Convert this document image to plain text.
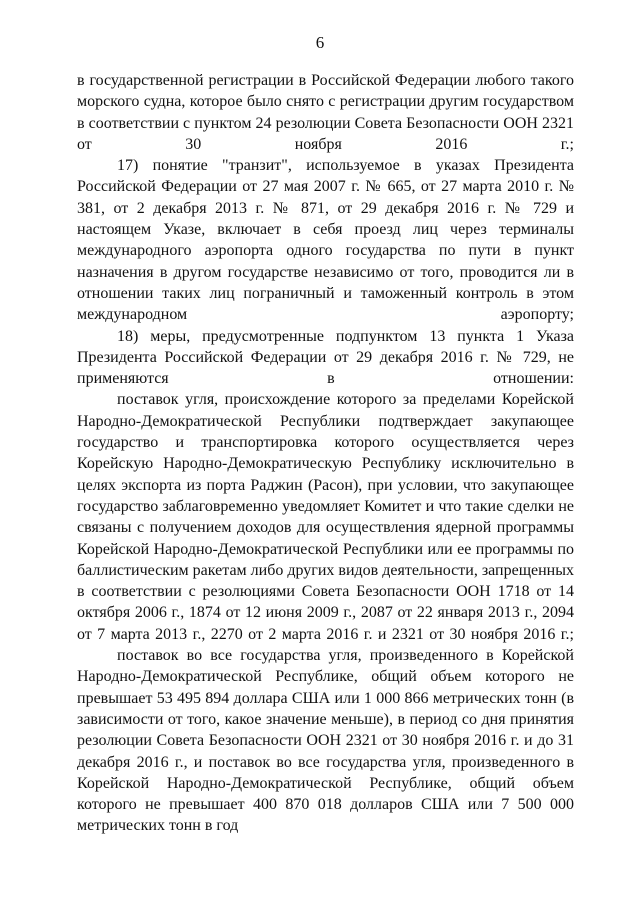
6

в государственной регистрации в Российской Федерации любого такого морского судна, которое было снято с регистрации другим государством в соответствии с пунктом 24 резолюции Совета Безопасности ООН 2321 от 30 ноября 2016 г.;

17) понятие "транзит", используемое в указах Президента Российской Федерации от 27 мая 2007 г. № 665, от 27 марта 2010 г. № 381, от 2 декабря 2013 г. № 871, от 29 декабря 2016 г. № 729 и настоящем Указе, включает в себя проезд лиц через терминалы международного аэропорта одного государства по пути в пункт назначения в другом государстве независимо от того, проводится ли в отношении таких лиц пограничный и таможенный контроль в этом международном аэропорту;

18) меры, предусмотренные подпунктом 13 пункта 1 Указа Президента Российской Федерации от 29 декабря 2016 г. № 729, не применяются в отношении:

поставок угля, происхождение которого за пределами Корейской Народно-Демократической Республики подтверждает закупающее государство и транспортировка которого осуществляется через Корейскую Народно-Демократическую Республику исключительно в целях экспорта из порта Раджин (Расон), при условии, что закупающее государство заблаговременно уведомляет Комитет и что такие сделки не связаны с получением доходов для осуществления ядерной программы Корейской Народно-Демократической Республики или ее программы по баллистическим ракетам либо других видов деятельности, запрещенных в соответствии с резолюциями Совета Безопасности ООН 1718 от 14 октября 2006 г., 1874 от 12 июня 2009 г., 2087 от 22 января 2013 г., 2094 от 7 марта 2013 г., 2270 от 2 марта 2016 г. и 2321 от 30 ноября 2016 г.;

поставок во все государства угля, произведенного в Корейской Народно-Демократической Республике, общий объем которого не превышает 53 495 894 доллара США или 1 000 866 метрических тонн (в зависимости от того, какое значение меньше), в период со дня принятия резолюции Совета Безопасности ООН 2321 от 30 ноября 2016 г. и до 31 декабря 2016 г., и поставок во все государства угля, произведенного в Корейской Народно-Демократической Республике, общий объем которого не превышает 400 870 018 долларов США или 7 500 000 метрических тонн в год
